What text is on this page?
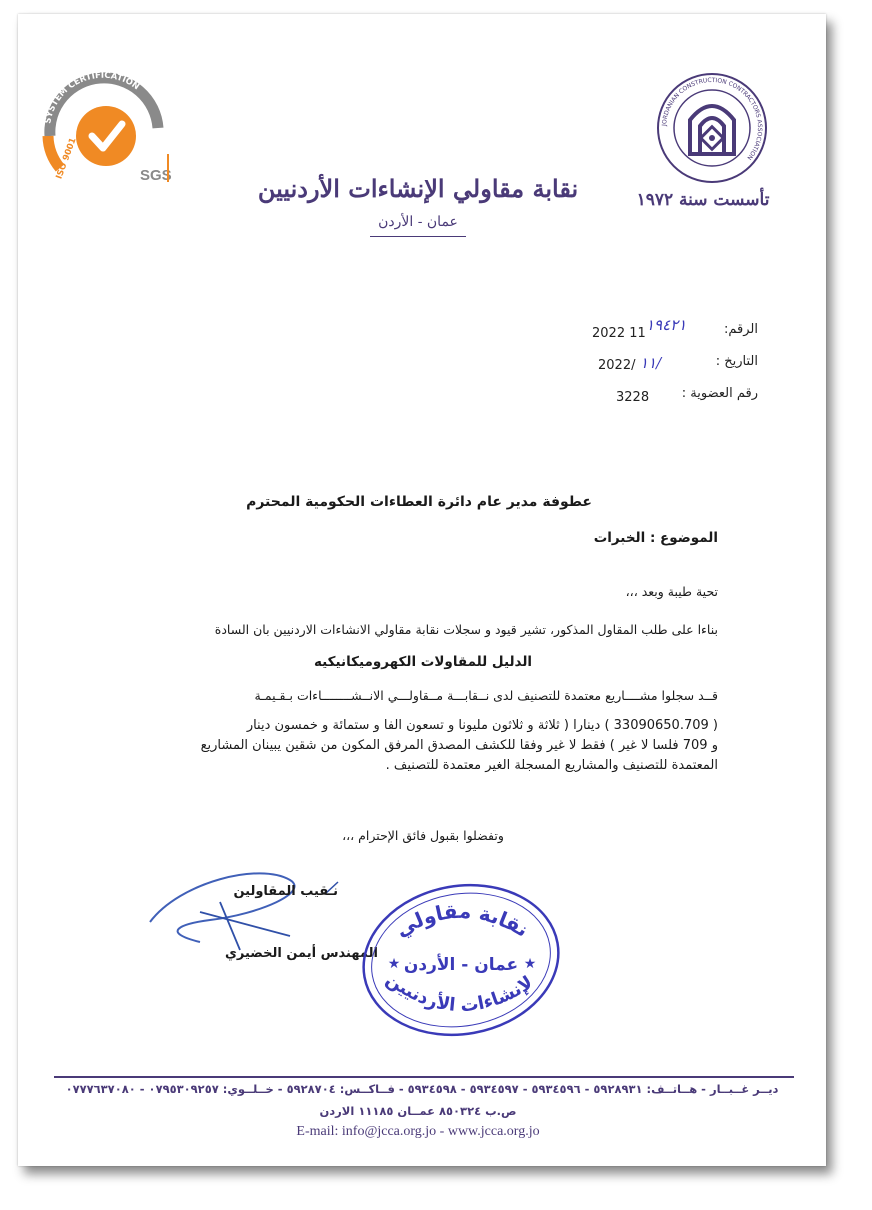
SYSTEM CERTIFICATION
ISO 9001	SGS
JORDANIAN CONSTRUCTION CONTRACTORS ASSOCIATION
نقابة مقاولي الإنشاءات الأردنيين
عمان - الأردن
تأسست سنة ١٩٧٢
الرقم:
2022 11 ١٩٤٢١
التاريخ :
2022/ ١١/
رقم العضوية :
3228
عطوفة مدير عام دائرة العطاءات الحكومية المحترم
الموضوع : الخبرات
تحية طيبة وبعد ،،،
بناءا على طلب المقاول المذكور، تشير قيود و سجلات نقابة مقاولي الانشاءات الاردنيين بان السادة
الدليل للمقاولات الكهروميكانيكيه
قــد سجلوا مشــــاريع معتمدة للتصنيف لدى نــقابـــة مــقاولـــي الانــشــــــــاءات بـقـيمـة
( 33090650.709 ) دينارا ( ثلاثة و ثلاثون مليونا و تسعون الفا و ستمائة و خمسون دينار
و 709 فلسا لا غير ) فقط لا غير وفقا للكشف المصدق المرفق المكون من شقين يبينان المشاريع
المعتمدة للتصنيف والمشاريع المسجلة الغير معتمدة للتصنيف .
وتفضلوا بقبول فائق الإحترام ،،،
نـقيب المقاولين
المهندس أيمن الخضيري
نقابة مقاولي
عمان - الأردن
★	★
الإنشاءات الأردنيين
ديــر غــبــار - هــاتــف: ٥٩٢٨٩٣١ - ٥٩٣٤٥٩٦ - ٥٩٣٤٥٩٧ - ٥٩٣٤٥٩٨ - فــاكــس: ٥٩٢٨٧٠٤ - خــلــوي: ٠٧٩٥٣٠٩٢٥٧ - ٠٧٧٧٦٣٧٠٨٠
ص.ب ٨٥٠٣٢٤ عمــان ١١١٨٥ الاردن
E-mail: info@jcca.org.jo - www.jcca.org.jo
